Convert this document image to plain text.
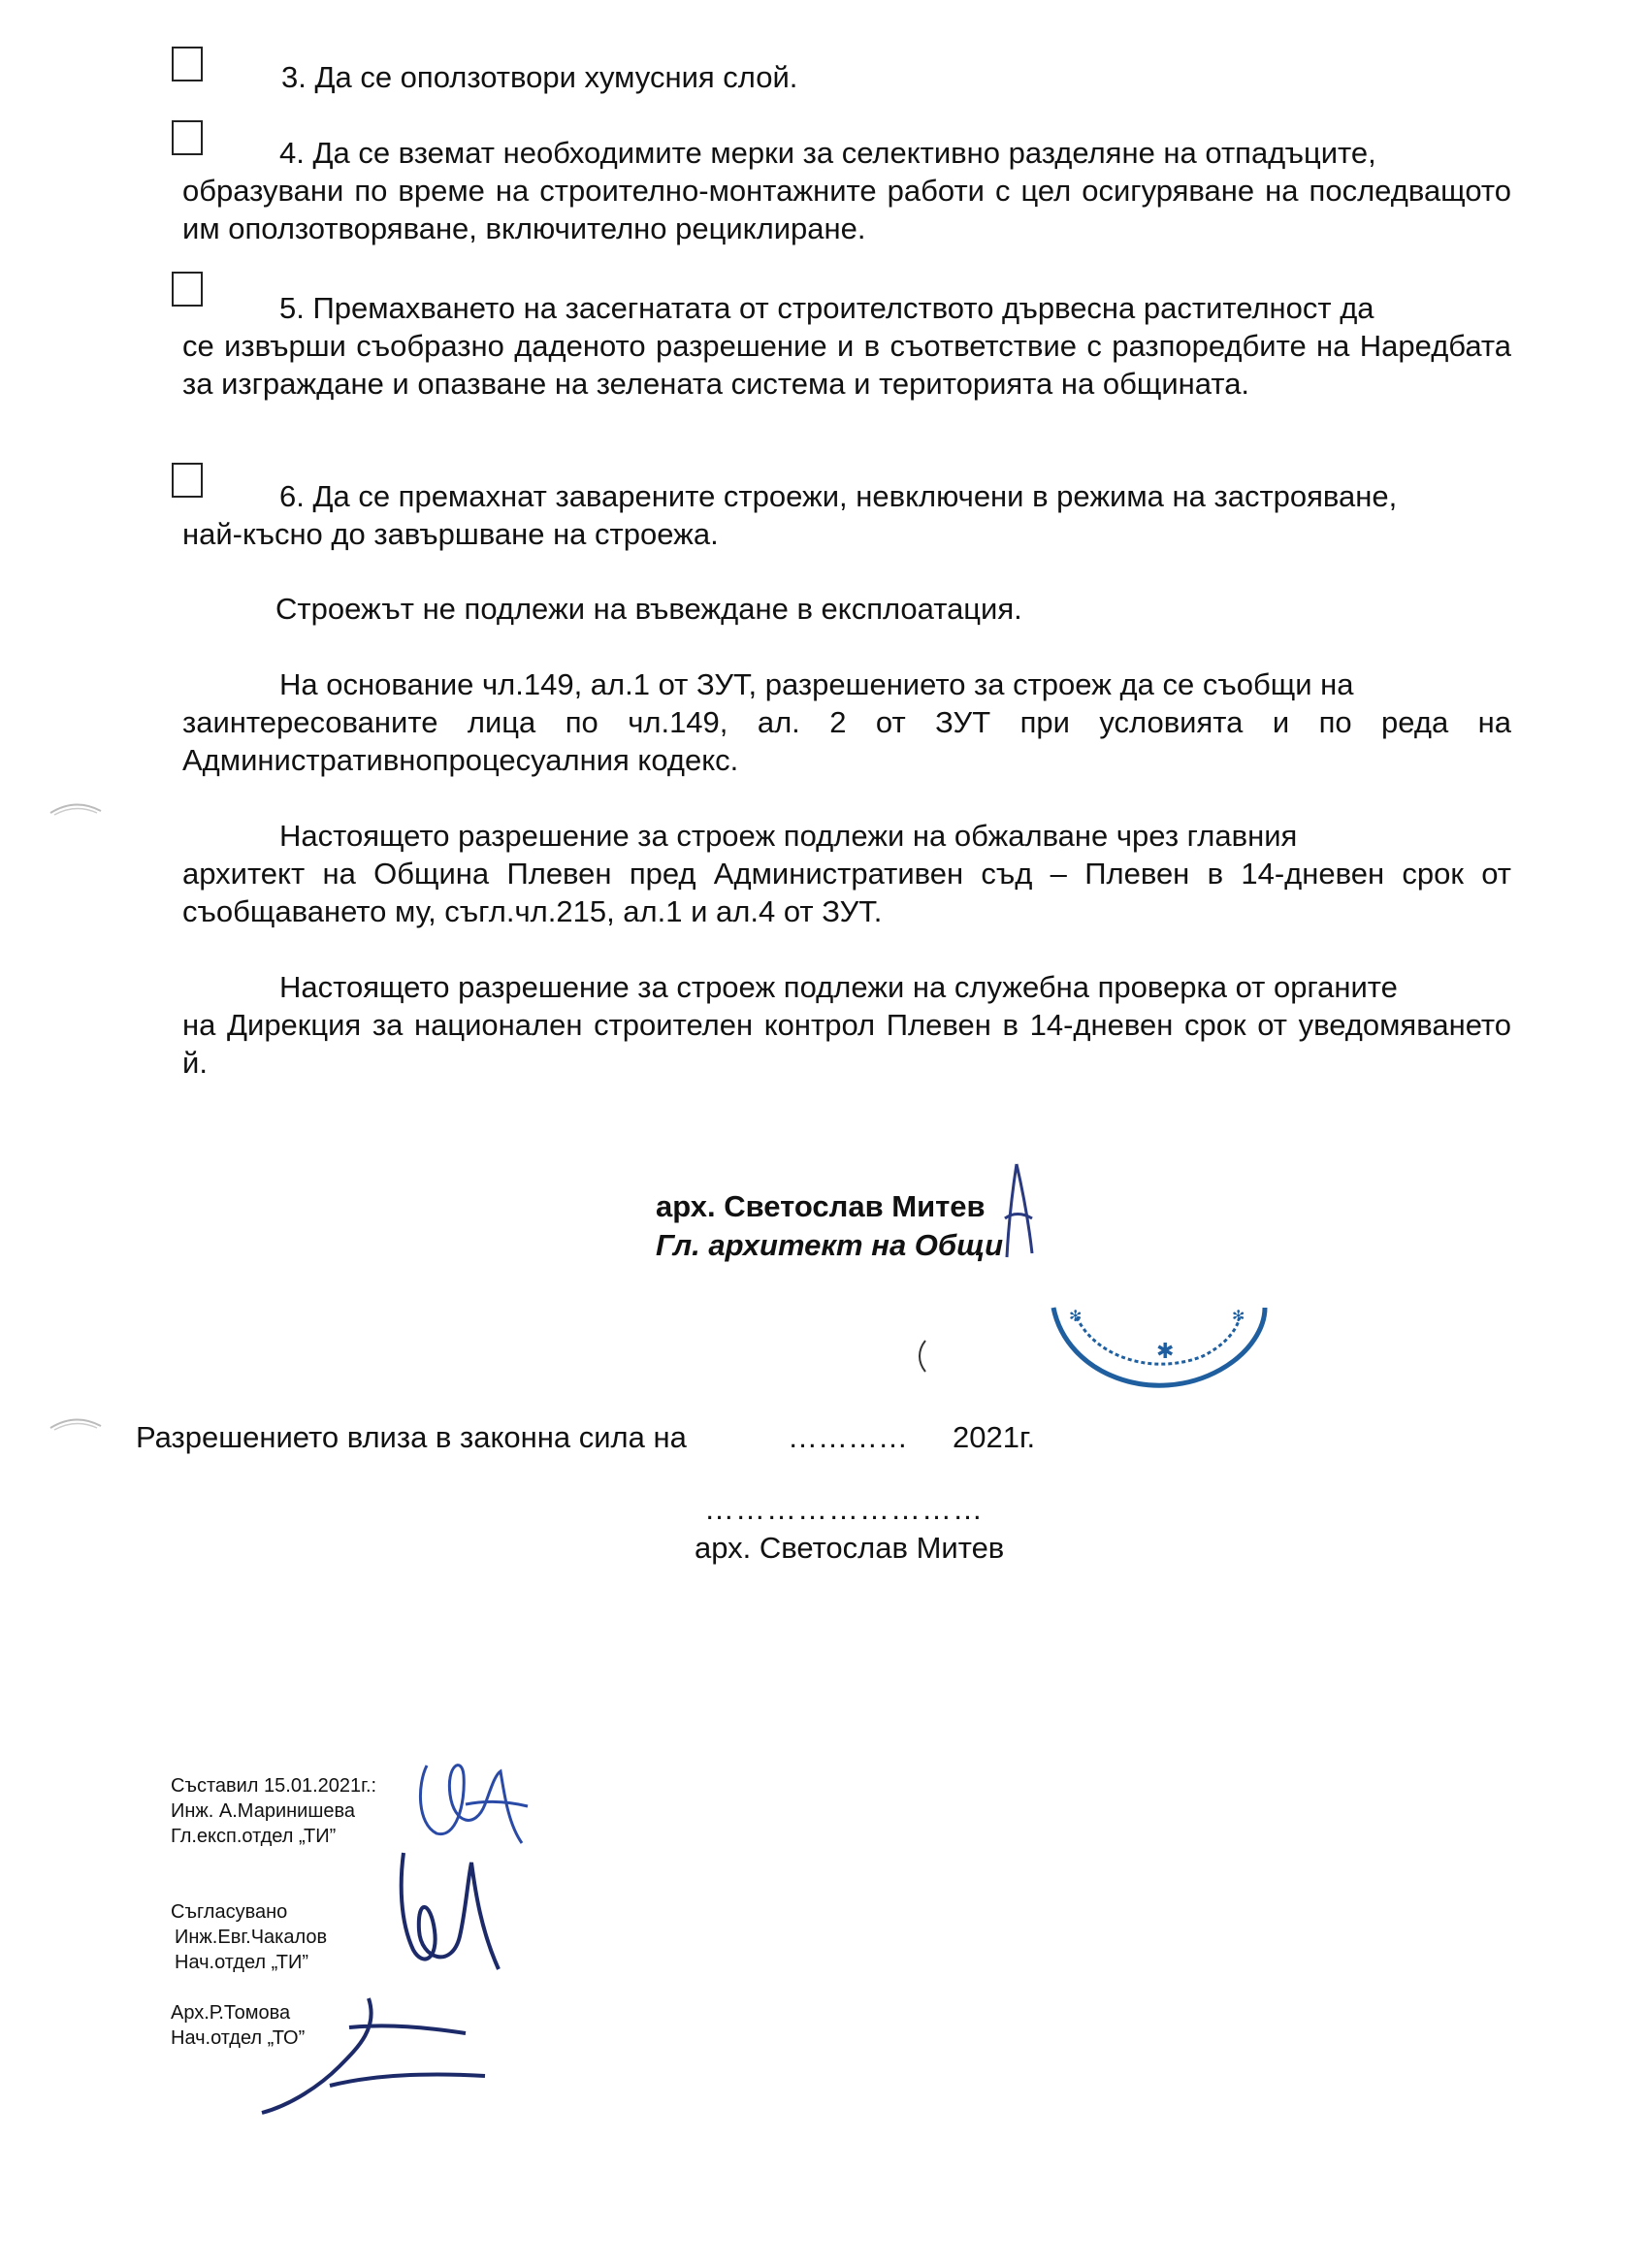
3. Да се оползотвори хумусния слой.
4. Да се вземат необходимите мерки за селективно разделяне на отпадъците,
образувани по време на строително-монтажните работи с цел осигуряване на последващото им оползотворяване, включително рециклиране.
5. Премахването на засегнатата от строителството дървесна растителност да
се извърши съобразно даденото разрешение и в съответствие с разпоредбите на Наредбата за изграждане и опазване на зелената система и територията на общината.
6. Да се премахнат заварените строежи, невключени в режима на застрояване,
най-късно до завършване на строежа.
Строежът не подлежи на въвеждане в експлоатация.
На основание чл.149, ал.1 от ЗУТ, разрешението за строеж да се съобщи на
заинтересованите лица по чл.149, ал. 2 от ЗУТ при условията и по реда на Административнопроцесуалния кодекс.
Настоящето разрешение за строеж подлежи на обжалване чрез главния
архитект на Община Плевен пред Административен съд – Плевен в 14-дневен срок от съобщаването му, съгл.чл.215, ал.1 и ал.4 от ЗУТ.
Настоящето разрешение за строеж подлежи на служебна проверка от органите
на Дирекция за национален строителен контрол Плевен в 14-дневен срок от уведомяването й.
арх. Светослав Митев
Гл. архитект на Общи
Разрешението влиза в законна сила на	………… 2021г.
………………………
арх. Светослав Митев
Съставил 15.01.2021г.:
Инж. А.Маринишева
Гл.експ.отдел „ТИ”
Съгласувано
Инж.Евг.Чакалов
Нач.отдел „ТИ”
Арх.Р.Томова
Нач.отдел „ТО”
✱
✻	✻
